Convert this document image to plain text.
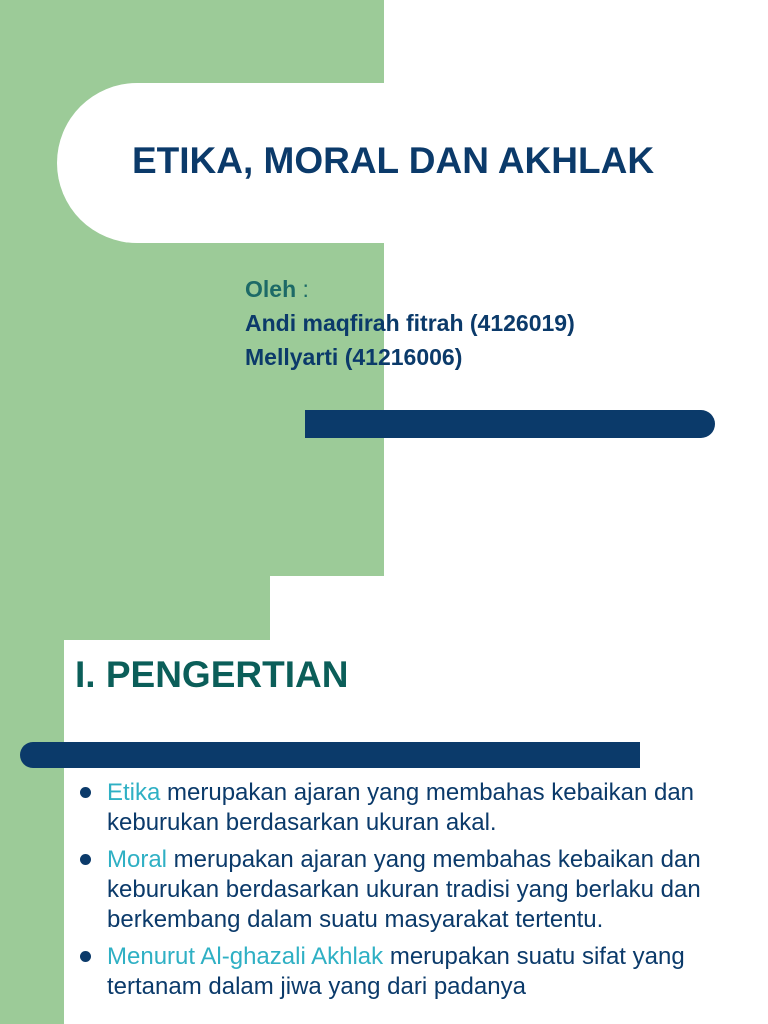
ETIKA, MORAL DAN AKHLAK
Oleh :
Andi maqfirah fitrah (4126019)
Mellyarti (41216006)
I. PENGERTIAN
Etika merupakan ajaran yang membahas kebaikan dan keburukan berdasarkan ukuran akal.
Moral merupakan ajaran yang membahas kebaikan dan keburukan berdasarkan ukuran tradisi yang berlaku dan berkembang dalam suatu masyarakat tertentu.
Menurut Al-ghazali Akhlak merupakan suatu sifat yang tertanam dalam jiwa yang dari padanya
